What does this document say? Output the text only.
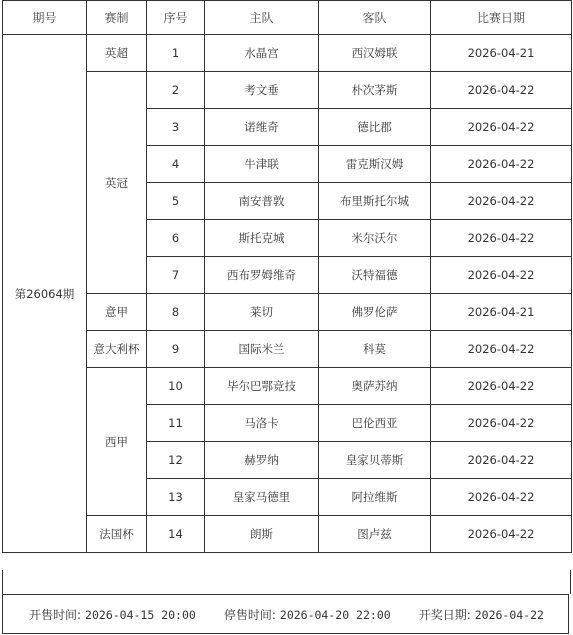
期号	赛制	序号	主队	客队	比赛日期
第26064期	英超	1	水晶宫	西汉姆联	2026-04-21
	英冠	2	考文垂	朴次茅斯	2026-04-22
		3	诺维奇	德比郡	2026-04-22
		4	牛津联	雷克斯汉姆	2026-04-22
		5	南安普敦	布里斯托尔城	2026-04-22
		6	斯托克城	米尔沃尔	2026-04-22
		7	西布罗姆维奇	沃特福德	2026-04-22
	意甲	8	莱切	佛罗伦萨	2026-04-21
	意大利杯	9	国际米兰	科莫	2026-04-22
	西甲	10	毕尔巴鄂竞技	奥萨苏纳	2026-04-22
		11	马洛卡	巴伦西亚	2026-04-22
		12	赫罗纳	皇家贝蒂斯	2026-04-22
		13	皇家马德里	阿拉维斯	2026-04-22
	法国杯	14	朗斯	图卢兹	2026-04-22
开售时间: 2026-04-15 20:00 停售时间: 2026-04-20 22:00 开奖日期: 2026-04-22
